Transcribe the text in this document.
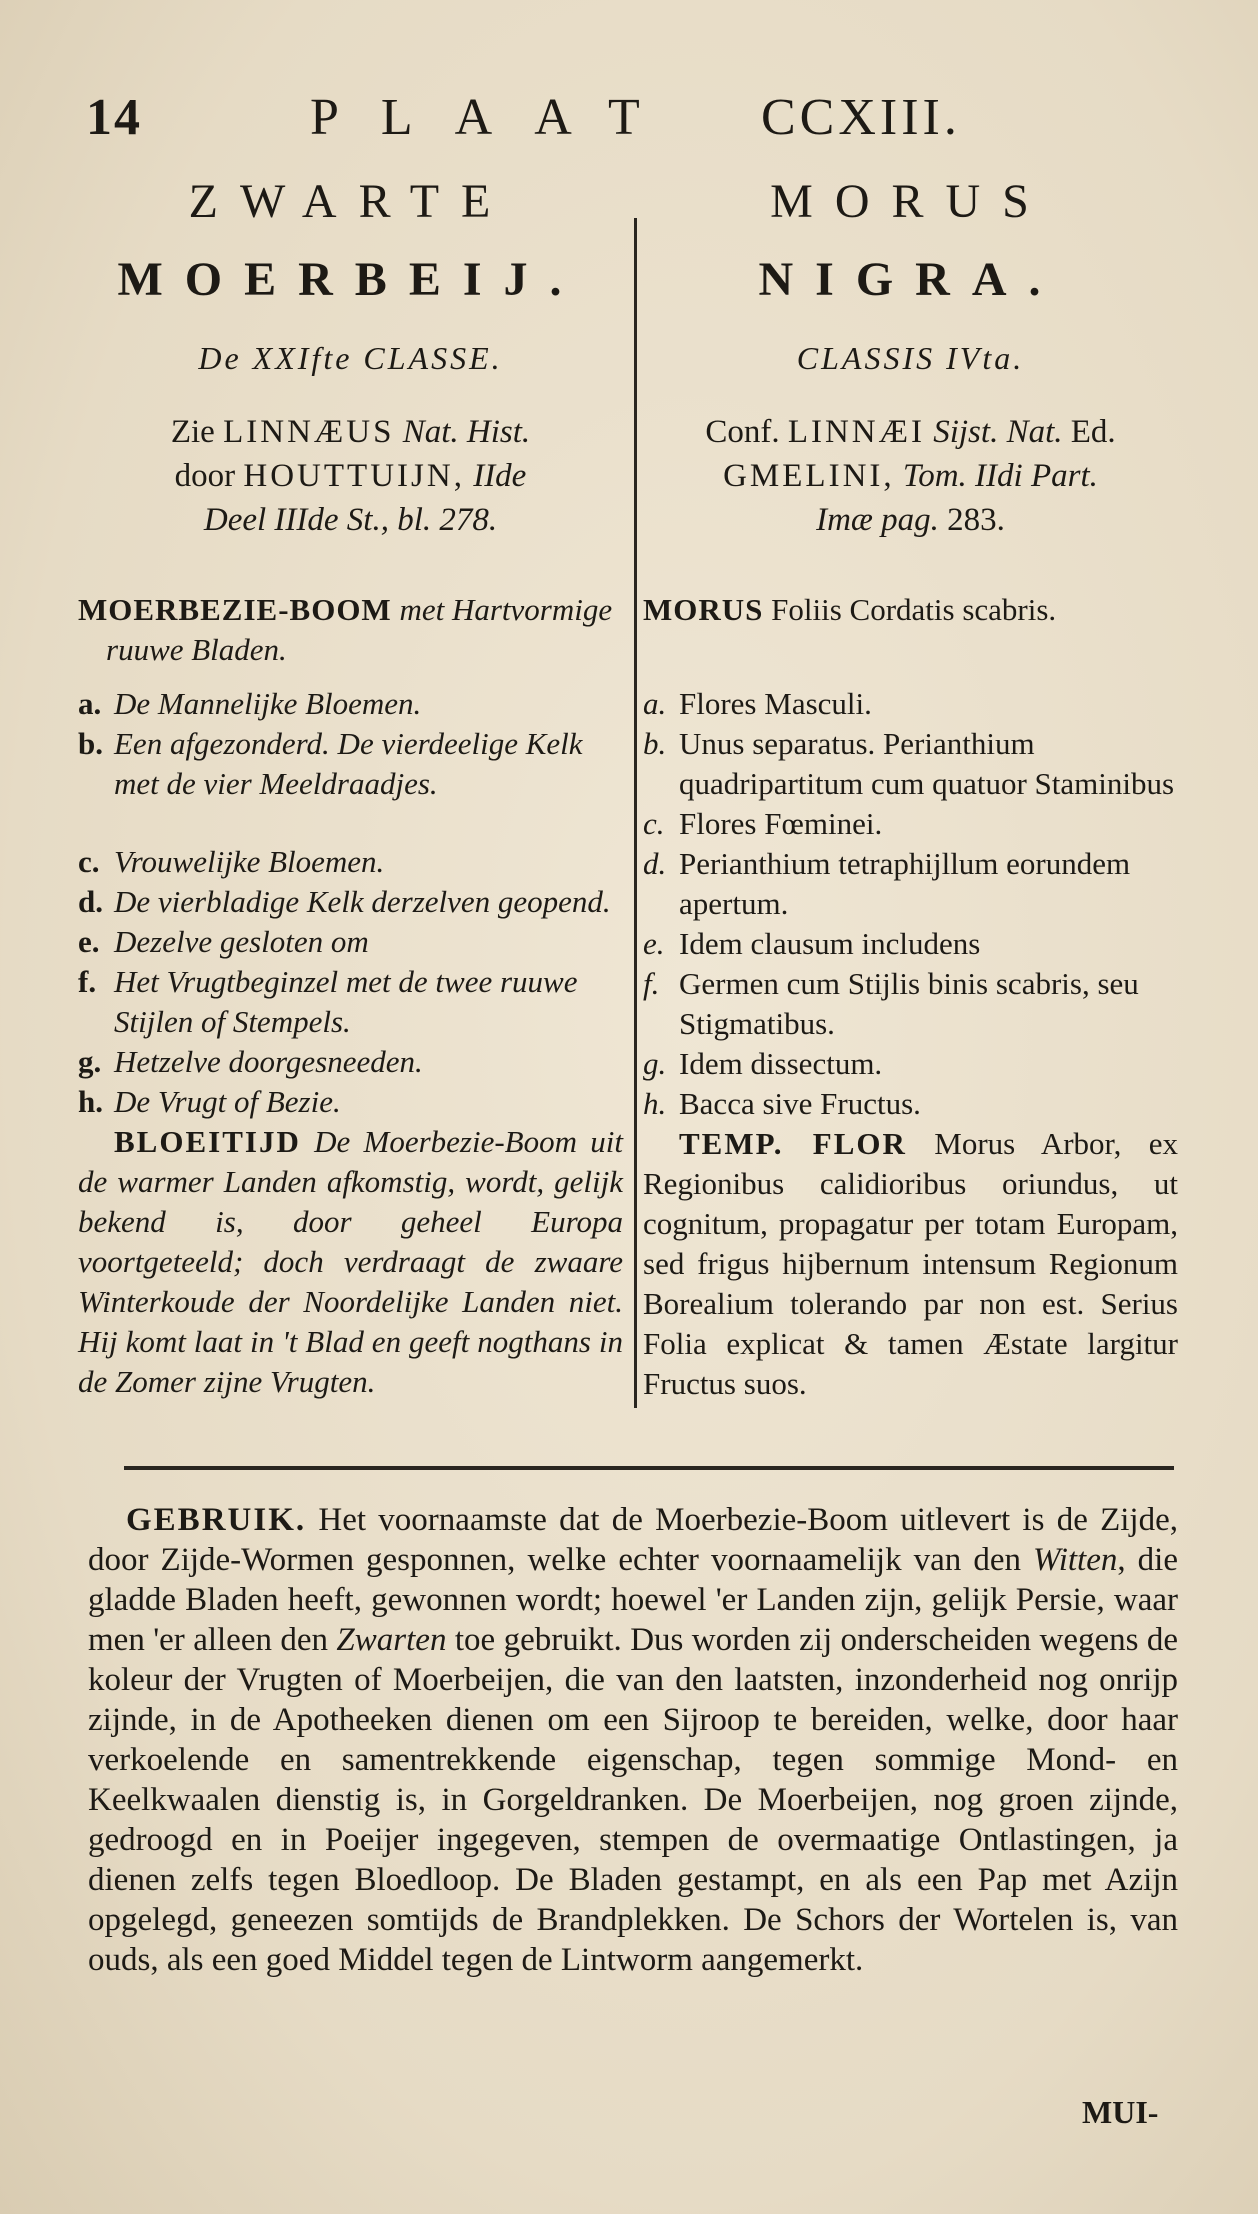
14	PLAAT CCXIII.
ZWARTE
MOERBEIJ.
De XXIfte CLASSE.
Zie LINNÆUS Nat. Hist.
door HOUTTUIJN, IIde
Deel IIIde St., bl. 278.
MOERBEZIE-BOOM met Hartvormige
ruuwe Bladen.
a. De Mannelijke Bloemen.
b. Een afgezonderd. De vierdeelige Kelk met de vier Meeldraadjes.
c. Vrouwelijke Bloemen.
d. De vierbladige Kelk derzelven geopend.
e. Dezelve gesloten om
f. Het Vrugtbeginzel met de twee ruuwe Stijlen of Stempels.
g. Hetzelve doorgesneeden.
h. De Vrugt of Bezie.
BLOEITIJD De Moerbezie-Boom uit de warmer Landen afkomstig, wordt, gelijk bekend is, door geheel Europa voortgeteeld; doch verdraagt de zwaare Winterkoude der Noordelijke Landen niet. Hij komt laat in 't Blad en geeft nogthans in de Zomer zijne Vrugten.
MORUS
NIGRA.
CLASSIS IVta.
Conf. LINNÆI Sijst. Nat. Ed.
GMELINI, Tom. IIdi Part.
Imæ pag. 283.
MORUS Foliis Cordatis scabris.

a. Flores Masculi.
b. Unus separatus. Perianthium quadripartitum cum quatuor Staminibus
c. Flores Fœminei.
d. Perianthium tetraphijllum eorundem apertum.
e. Idem clausum includens
f. Germen cum Stijlis binis scabris, seu Stigmatibus.
g. Idem dissectum.
h. Bacca sive Fructus.
TEMP. FLOR Morus Arbor, ex Regionibus calidioribus oriundus, ut cognitum, propagatur per totam Europam, sed frigus hijbernum intensum Regionum Borealium tolerando par non est. Serius Folia explicat & tamen Æstate largitur Fructus suos.
GEBRUIK. Het voornaamste dat de Moerbezie-Boom uitlevert is de Zijde, door Zijde-Wormen gesponnen, welke echter voornaamelijk van den Witten, die gladde Bladen heeft, gewonnen wordt; hoewel 'er Landen zijn, gelijk Persie, waar men 'er alleen den Zwarten toe gebruikt. Dus worden zij onderscheiden wegens de koleur der Vrugten of Moerbeijen, die van den laatsten, inzonderheid nog onrijp zijnde, in de Apotheeken dienen om een Sijroop te bereiden, welke, door haar verkoelende en samentrekkende eigenschap, tegen sommige Mond- en Keelkwaalen dienstig is, in Gorgeldranken. De Moerbeijen, nog groen zijnde, gedroogd en in Poeijer ingegeven, stempen de overmaatige Ontlastingen, ja dienen zelfs tegen Bloedloop. De Bladen gestampt, en als een Pap met Azijn opgelegd, geneezen somtijds de Brandplekken. De Schors der Wortelen is, van ouds, als een goed Middel tegen de Lintworm aangemerkt.
MUI-
